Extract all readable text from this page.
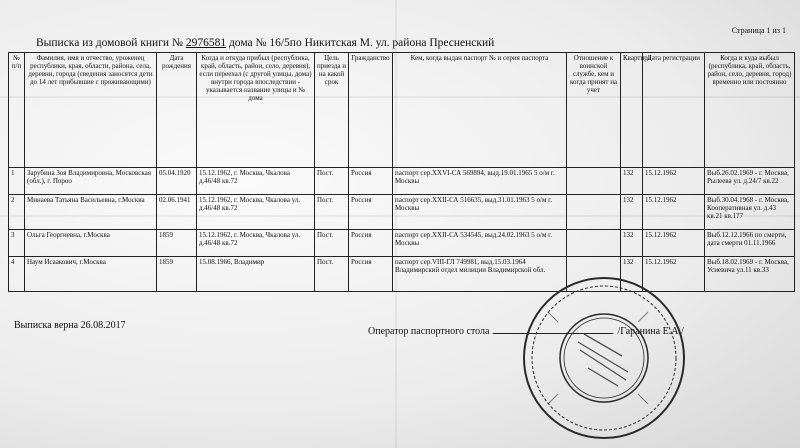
Страница 1 из 1
Выписка из домовой книги № 2976581 дома № 16/5по Никитская М. ул. района Пресненский
№ п/п	Фамилия, имя и отчество, уроженец республики, края, области, района, села, деревни, города (сведения заносятся дети до 14 лет прибывшие с проживающими)	Дата рождения	Когда и откуда прибыл (республика, край, область, район, село, деревня), если переехал (с другой улицы, дома) внутри города впоследствии - указывается название улицы и № дома	Цель приезда и на какой срок	Гражданство	Кем, когда выдан паспорт № и серия паспорта	Отношение к воинской службе, кем и когда принят на учет	Квартира	Дата регистрации	Когда и куда выбыл (республика, край, область, район, село, деревня, город) временно или постоянно
1	Зарубина Зоя Владимировна, Московская (обл.), г. Пороо	05.04.1920	15.12.1962, г. Москва, Чкалова д.46/48 кв.72	Пост.	Россия	паспорт сер.XXVI-СА 569894, выд.19.01.1965 5 о/м г. Москвы		132	15.12.1962	Выб.26.02.1969 - г. Москва, Рылеева ул. д.24/7 кв.22
2	Минаева Татьяна Васильевна, г.Москва	02.06.1941	15.12.1962, г. Москва, Чкалова ул. д.46/48 кв.72	Пост.	Россия	паспорт сер.XXII-СА 516635, выд.31.01.1963 5 о/м г. Москвы		132	15.12.1962	Выб.30.04.1968 - г. Москва, Кооперативная ул. д.43 кв.21 кв.177
3	Ольга Георгиевна, г.Москва	1859	15.12.1962, г. Москва, Чкалова ул. д.46/48 кв.72	Пост.	Россия	паспорт сер.XXII-СА 534545, выд.24.02.1963 5 о/м г. Москвы		132	15.12.1962	Выб.12.12.1966 по смерти, дата смерти 01.11.1966
4	Наум Исаакович, г.Москва	1859	15.08.1966, Владимир	Пост.	Россия	паспорт сер.VIII-ГЛ 749981, выд.15.03.1964 Владимирский отдел милиции Владимирской обл.		132	15.12.1962	Выб.18.02.1969 - г. Москва, Усиевича ул.11 кв.33
Выписка верна 26.08.2017
Оператор паспортного стола	/Гаранина Е.А./
